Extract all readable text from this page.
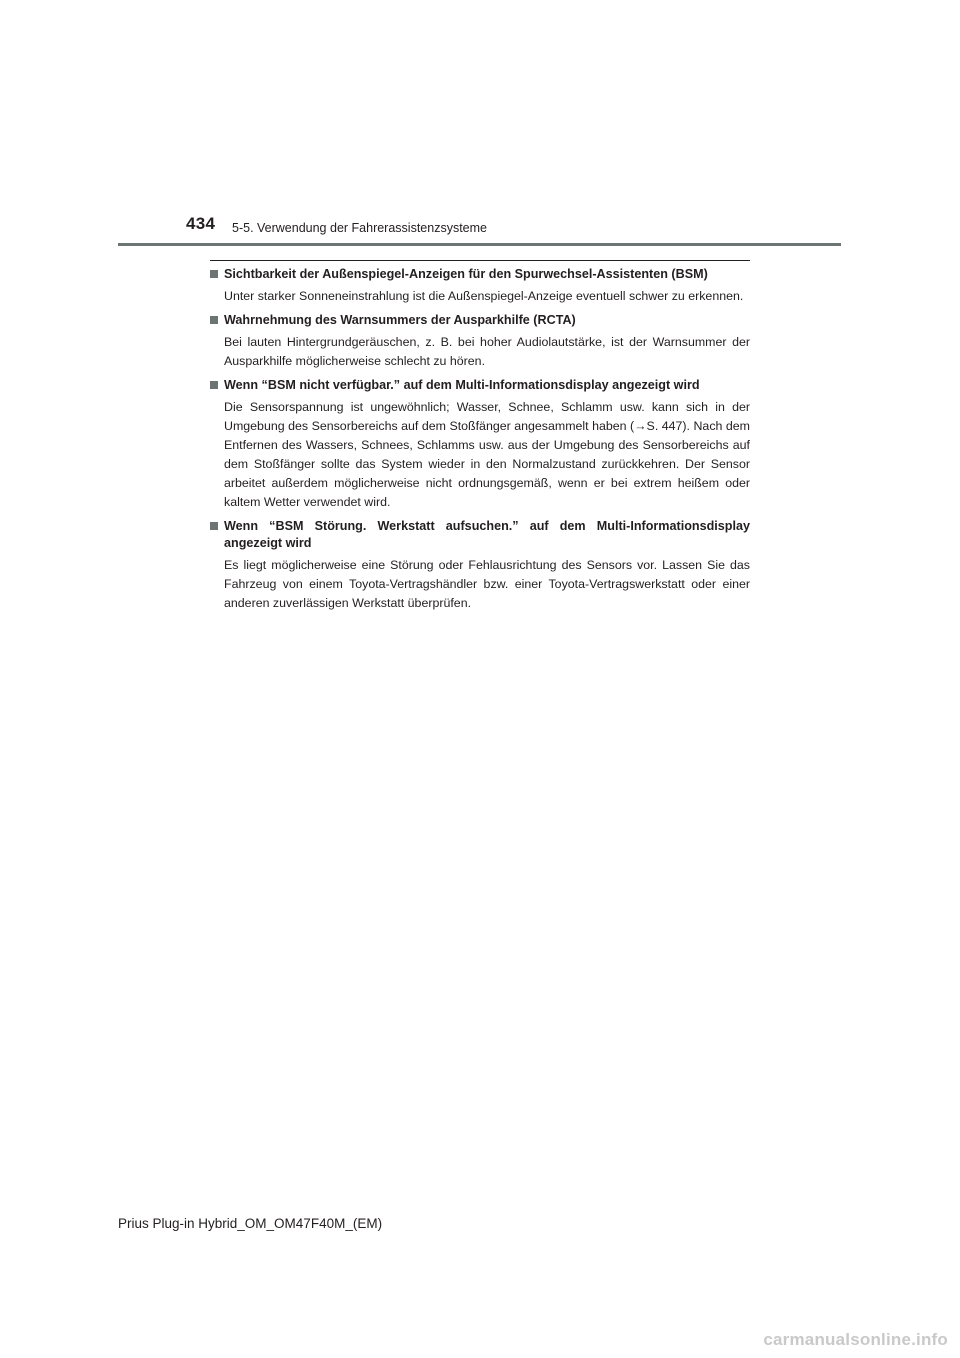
434 5-5. Verwendung der Fahrerassistenzsysteme
Sichtbarkeit der Außenspiegel-Anzeigen für den Spurwechsel-Assistenten (BSM)
Unter starker Sonneneinstrahlung ist die Außenspiegel-Anzeige eventuell schwer zu erkennen.
Wahrnehmung des Warnsummers der Ausparkhilfe (RCTA)
Bei lauten Hintergrundgeräuschen, z. B. bei hoher Audiolautstärke, ist der Warnsummer der Ausparkhilfe möglicherweise schlecht zu hören.
Wenn “BSM nicht verfügbar.” auf dem Multi-Informationsdisplay angezeigt wird
Die Sensorspannung ist ungewöhnlich; Wasser, Schnee, Schlamm usw. kann sich in der Umgebung des Sensorbereichs auf dem Stoßfänger angesammelt haben (→S. 447). Nach dem Entfernen des Wassers, Schnees, Schlamms usw. aus der Umgebung des Sensorbereichs auf dem Stoßfänger sollte das System wieder in den Normalzustand zurückkehren. Der Sensor arbeitet außerdem möglicherweise nicht ordnungsgemäß, wenn er bei extrem heißem oder kaltem Wetter verwendet wird.
Wenn “BSM Störung. Werkstatt aufsuchen.” auf dem Multi-Informationsdisplay angezeigt wird
Es liegt möglicherweise eine Störung oder Fehlausrichtung des Sensors vor. Lassen Sie das Fahrzeug von einem Toyota-Vertragshändler bzw. einer Toyota-Vertragswerkstatt oder einer anderen zuverlässigen Werkstatt überprüfen.
Prius Plug-in Hybrid_OM_OM47F40M_(EM)
carmanualsonline.info
